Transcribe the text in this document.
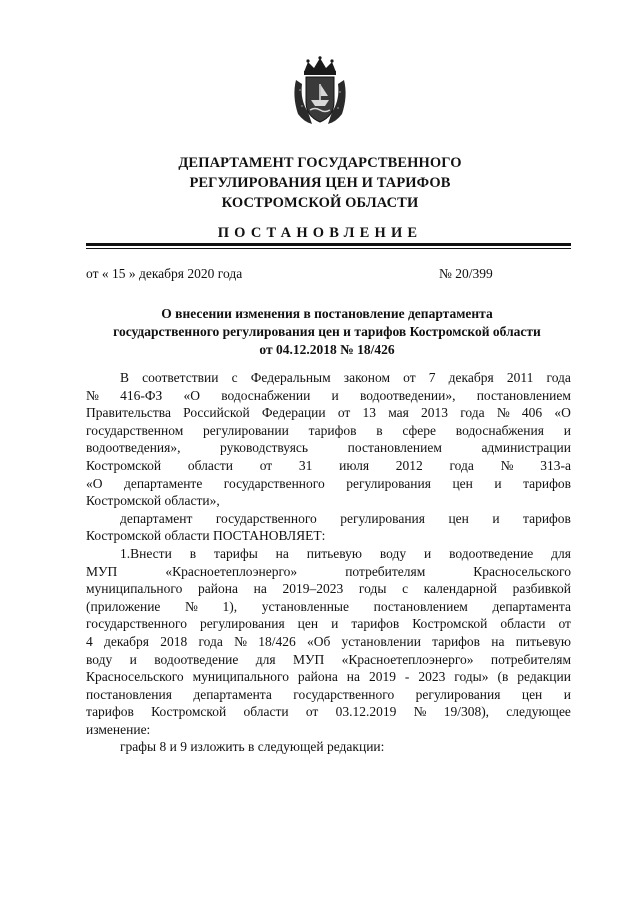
ДЕПАРТАМЕНТ ГОСУДАРСТВЕННОГО
РЕГУЛИРОВАНИЯ ЦЕН И ТАРИФОВ
КОСТРОМСКОЙ ОБЛАСТИ
ПОСТАНОВЛЕНИЕ
от « 15 » декабря 2020 года	№ 20/399
О внесении изменения в постановление департамента
государственного регулирования цен и тарифов Костромской области
от 04.12.2018 № 18/426
В соответствии с Федеральным законом от 7 декабря 2011 года
№ 416-ФЗ «О водоснабжении и водоотведении», постановлением
Правительства Российской Федерации от 13 мая 2013 года № 406 «О
государственном регулировании тарифов в сфере водоснабжения и
водоотведения»,	руководствуясь	постановлением	администрации
Костромской области от 31 июля 2012 года № 313-а
«О департаменте государственного регулирования цен и тарифов
Костромской области»,
департамент государственного регулирования цен и тарифов
Костромской области ПОСТАНОВЛЯЕТ:
1.Внести в тарифы на питьевую воду и водоотведение для
МУП	«Красноетеплоэнерго»	потребителям	Красносельского
муниципального района на 2019–2023 годы с календарной разбивкой
(приложение № 1), установленные постановлением департамента
государственного регулирования цен и тарифов Костромской области от
4 декабря 2018 года № 18/426 «Об установлении тарифов на питьевую
воду и водоотведение для МУП «Красноетеплоэнерго» потребителям
Красносельского муниципального района на 2019 - 2023 годы» (в редакции
постановления департамента государственного регулирования цен и
тарифов Костромской области от 03.12.2019 № 19/308), следующее
изменение:
графы 8 и 9 изложить в следующей редакции:
